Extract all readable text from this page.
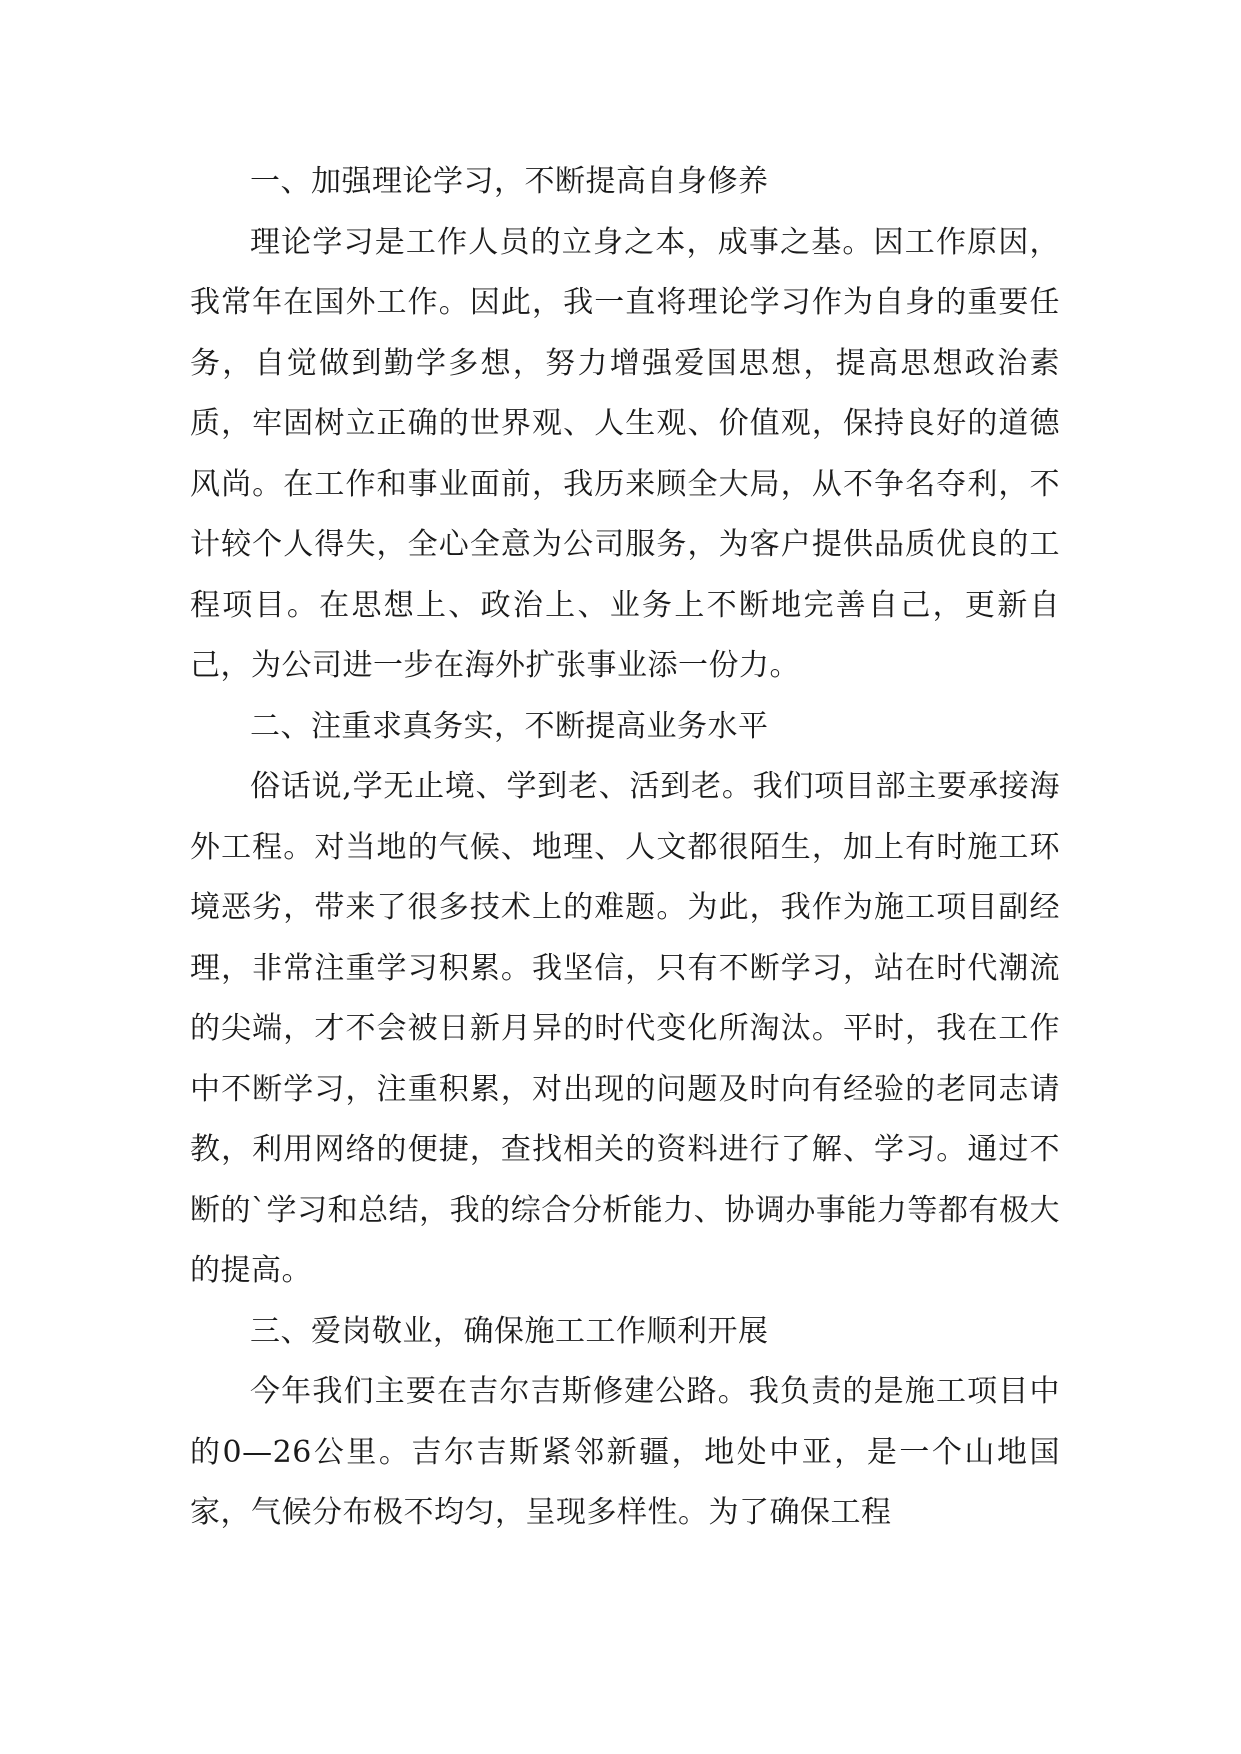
一、加强理论学习，不断提高自身修养

理论学习是工作人员的立身之本，成事之基。因工作原因，我常年在国外工作。因此，我一直将理论学习作为自身的重要任务，自觉做到勤学多想，努力增强爱国思想，提高思想政治素质，牢固树立正确的世界观、人生观、价值观，保持良好的道德风尚。在工作和事业面前，我历来顾全大局，从不争名夺利，不计较个人得失，全心全意为公司服务，为客户提供品质优良的工程项目。在思想上、政治上、业务上不断地完善自己，更新自己，为公司进一步在海外扩张事业添一份力。

二、注重求真务实，不断提高业务水平

俗话说,学无止境、学到老、活到老。我们项目部主要承接海外工程。对当地的气候、地理、人文都很陌生，加上有时施工环境恶劣，带来了很多技术上的难题。为此，我作为施工项目副经理，非常注重学习积累。我坚信，只有不断学习，站在时代潮流的尖端，才不会被日新月异的时代变化所淘汰。平时，我在工作中不断学习，注重积累，对出现的问题及时向有经验的老同志请教，利用网络的便捷，查找相关的资料进行了解、学习。通过不断的`学习和总结，我的综合分析能力、协调办事能力等都有极大的提高。

三、爱岗敬业，确保施工工作顺利开展

今年我们主要在吉尔吉斯修建公路。我负责的是施工项目中的0—26公里。吉尔吉斯紧邻新疆，地处中亚，是一个山地国家，气候分布极不均匀，呈现多样性。为了确保工程
